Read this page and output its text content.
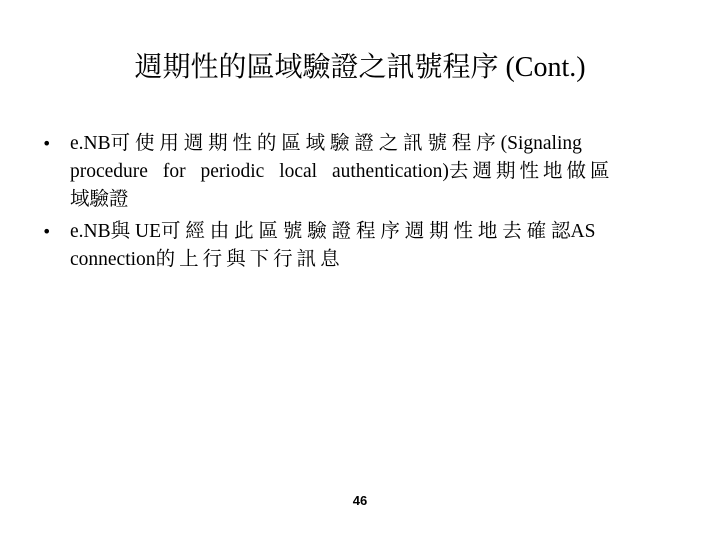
週期性的區域驗證之訊號程序 (Cont.)
• e.NB可 使 用 週 期 性 的 區 域 驗 證 之 訊 號 程 序 (Signaling
procedure for periodic local authentication)去週期性地做區
域驗證
• e.NB與 UE可 經 由 此 區 號 驗 證 程 序 週 期 性 地 去 確 認AS
connection的上行與下行訊息
46
